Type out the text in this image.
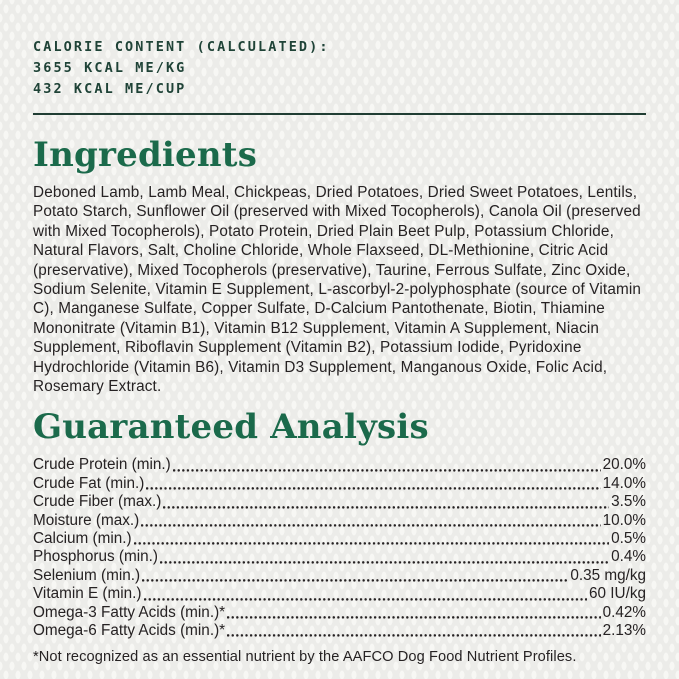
CALORIE CONTENT (CALCULATED):
3655 KCAL ME/KG
432 KCAL ME/CUP
Ingredients

Deboned Lamb, Lamb Meal, Chickpeas, Dried Potatoes, Dried Sweet Potatoes, Lentils, Potato Starch, Sunflower Oil (preserved with Mixed Tocopherols), Canola Oil (preserved with Mixed Tocopherols), Potato Protein, Dried Plain Beet Pulp, Potassium Chloride, Natural Flavors, Salt, Choline Chloride, Whole Flaxseed, DL-Methionine, Citric Acid (preservative), Mixed Tocopherols (preservative), Taurine, Ferrous Sulfate, Zinc Oxide, Sodium Selenite, Vitamin E Supplement, L-ascorbyl-2-polyphosphate (source of Vitamin C), Manganese Sulfate, Copper Sulfate, D-Calcium Pantothenate, Biotin, Thiamine Mononitrate (Vitamin B1), Vitamin B12 Supplement, Vitamin A Supplement, Niacin Supplement, Riboflavin Supplement (Vitamin B2), Potassium Iodide, Pyridoxine Hydrochloride (Vitamin B6), Vitamin D3 Supplement, Manganous Oxide, Folic Acid, Rosemary Extract.

Guaranteed Analysis
Crude Protein (min.)	20.0%
Crude Fat (min.)	14.0%
Crude Fiber (max.)	3.5%
Moisture (max.)	10.0%
Calcium (min.)	0.5%
Phosphorus (min.)	0.4%
Selenium (min.)	0.35 mg/kg
Vitamin E (min.)	60 IU/kg
Omega-3 Fatty Acids (min.)*	0.42%
Omega-6 Fatty Acids (min.)*	2.13%

*Not recognized as an essential nutrient by the AAFCO Dog Food Nutrient Profiles.
